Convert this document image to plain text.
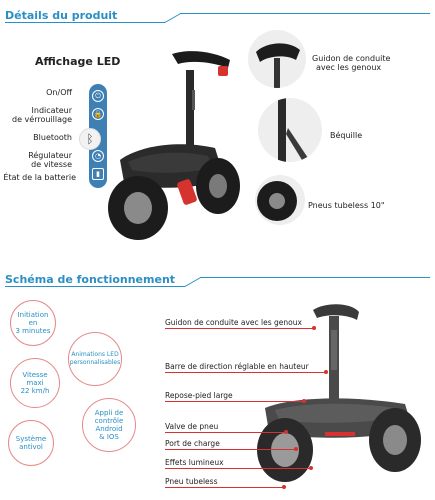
Détails du produit
Affichage LED
On/Off
Indicateur
de vérrouillage
Bluetooth
Régulateur
de vitesse
État de la batterie
⏻
🔒
◔
▮
ᛒ
Guidon de conduite
avec les genoux
Béquille
Pneus tubeless 10"
Schéma de fonctionnement
Initiation en
3 minutes
Animations LED
personnalisables
Vitesse
maxi
22 km/h
Appli de
contrôle
Android
& IOS
Système
antivol
Guidon de conduite avec les genoux
Barre de direction réglable en hauteur
Repose-pied large
Valve de pneu
Port de charge
Effets lumineux
Pneu tubeless
